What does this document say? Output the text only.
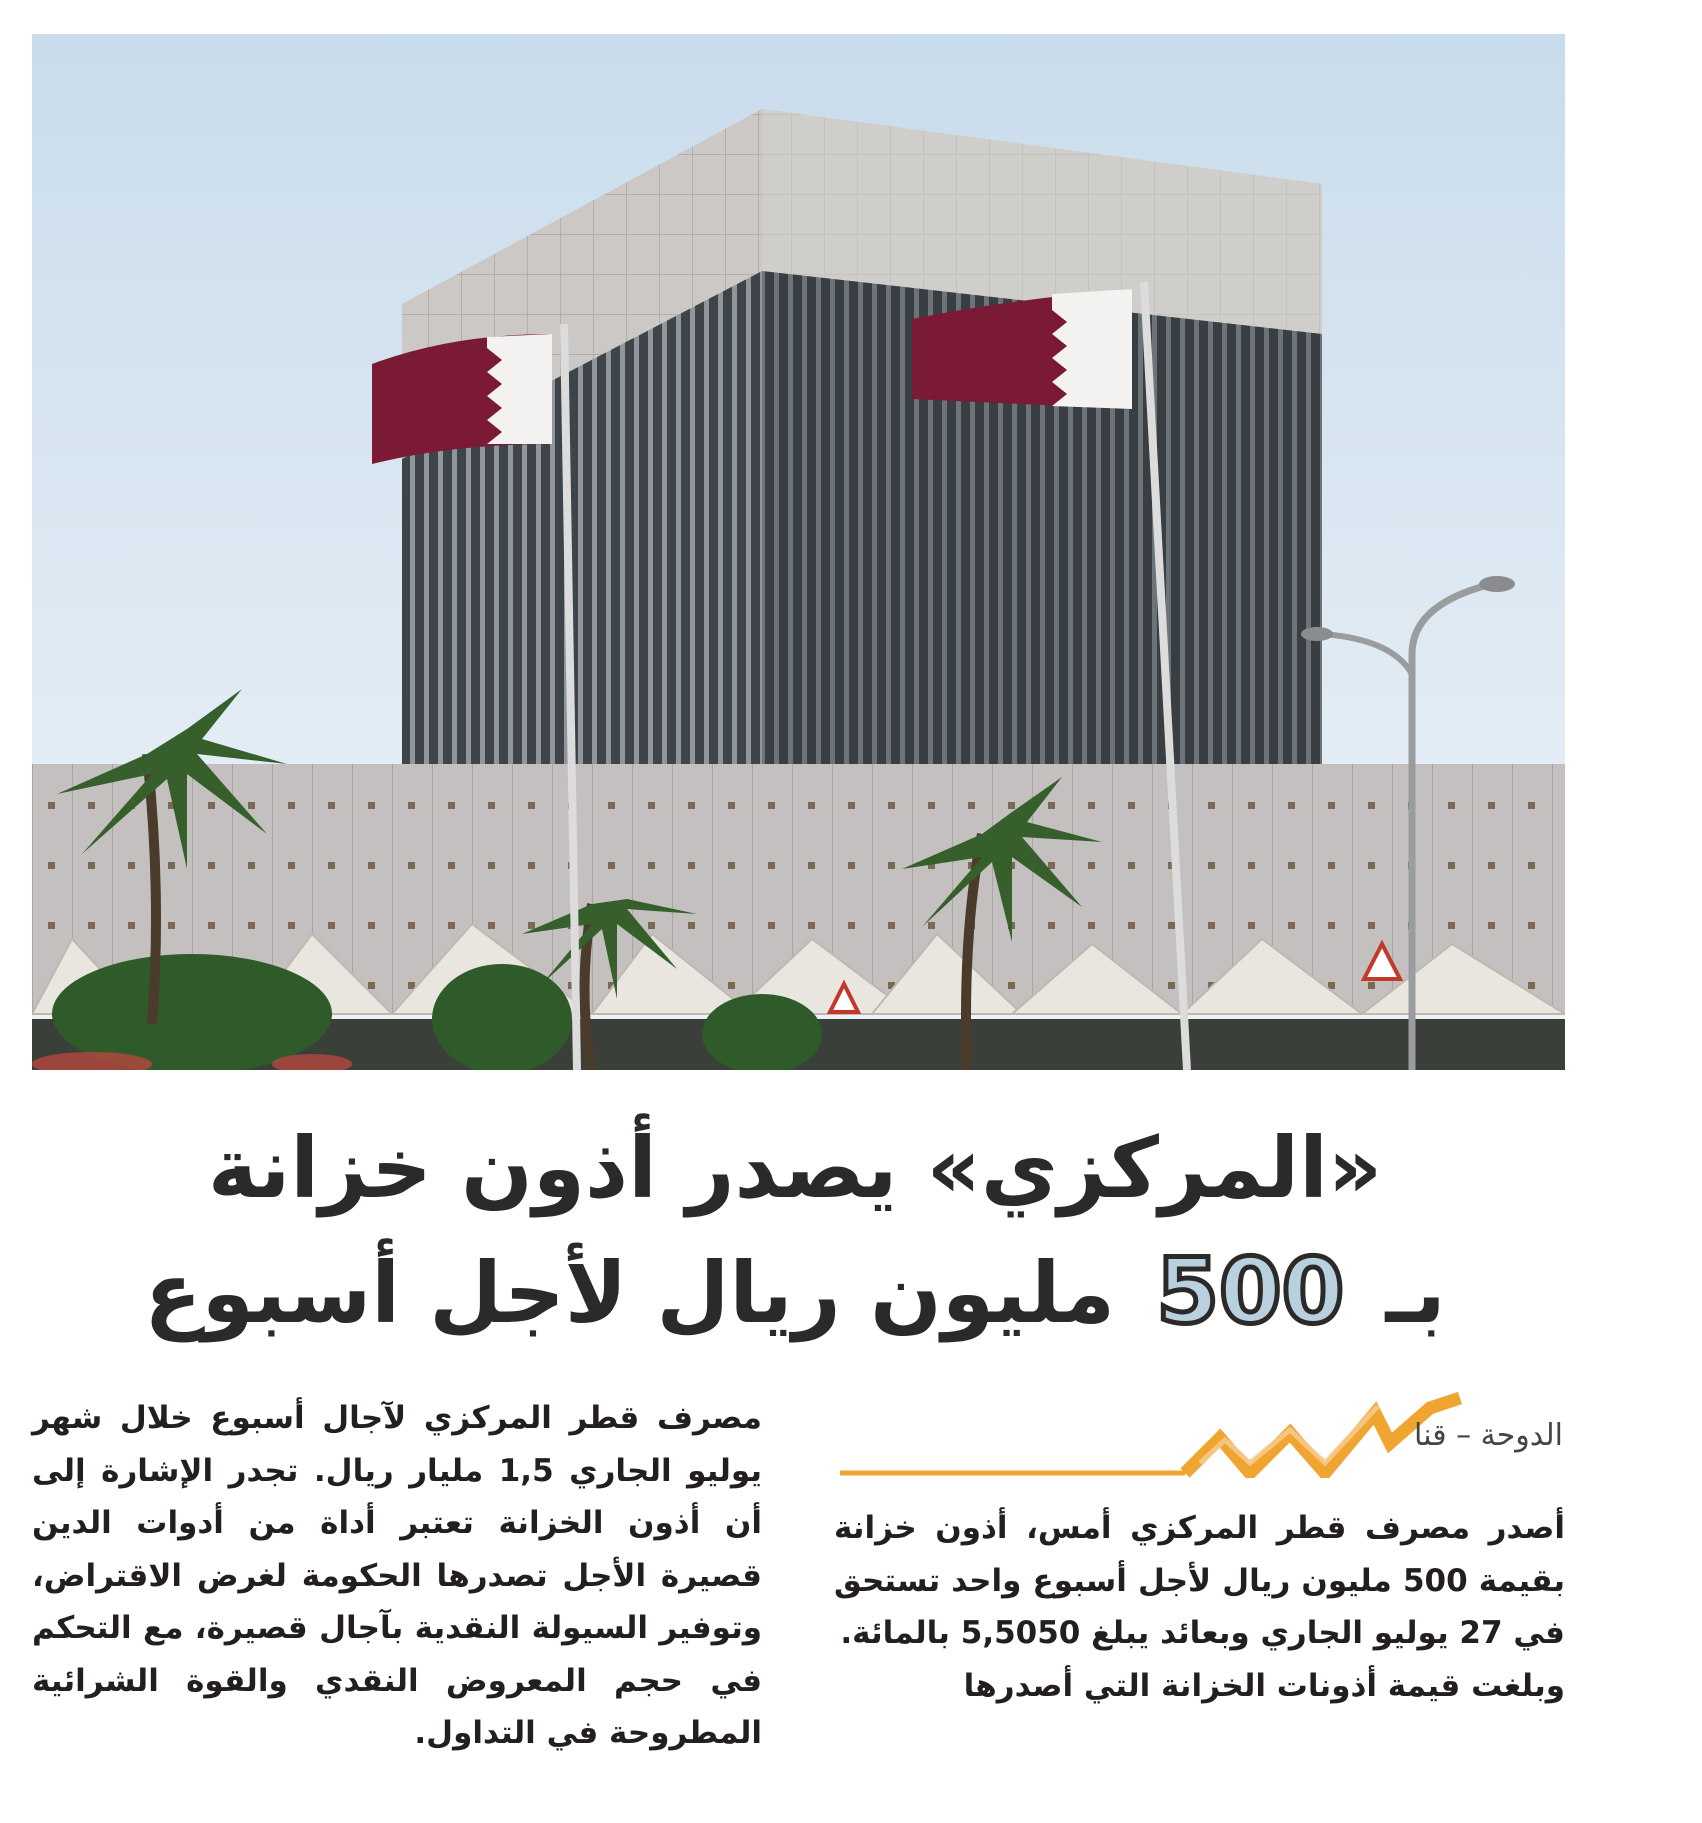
«المركزي» يصدر أذون خزانة
بـ 500 مليون ريال لأجل أسبوع
الدوحة – قنا

أصدر مصرف قطر المركزي أمس، أذون خزانة بقيمة 500 مليون ريال لأجل أسبوع واحد تستحق في 27 يوليو الجاري وبعائد يبلغ 5,5050 بالمائة.

وبلغت قيمة أذونات الخزانة التي أصدرها

مصرف قطر المركزي لآجال أسبوع خلال شهر يوليو الجاري 1,5 مليار ريال. تجدر الإشارة إلى أن أذون الخزانة تعتبر أداة من أدوات الدين قصيرة الأجل تصدرها الحكومة لغرض الاقتراض، وتوفير السيولة النقدية بآجال قصيرة، مع التحكم في حجم المعروض النقدي والقوة الشرائية المطروحة في التداول.
